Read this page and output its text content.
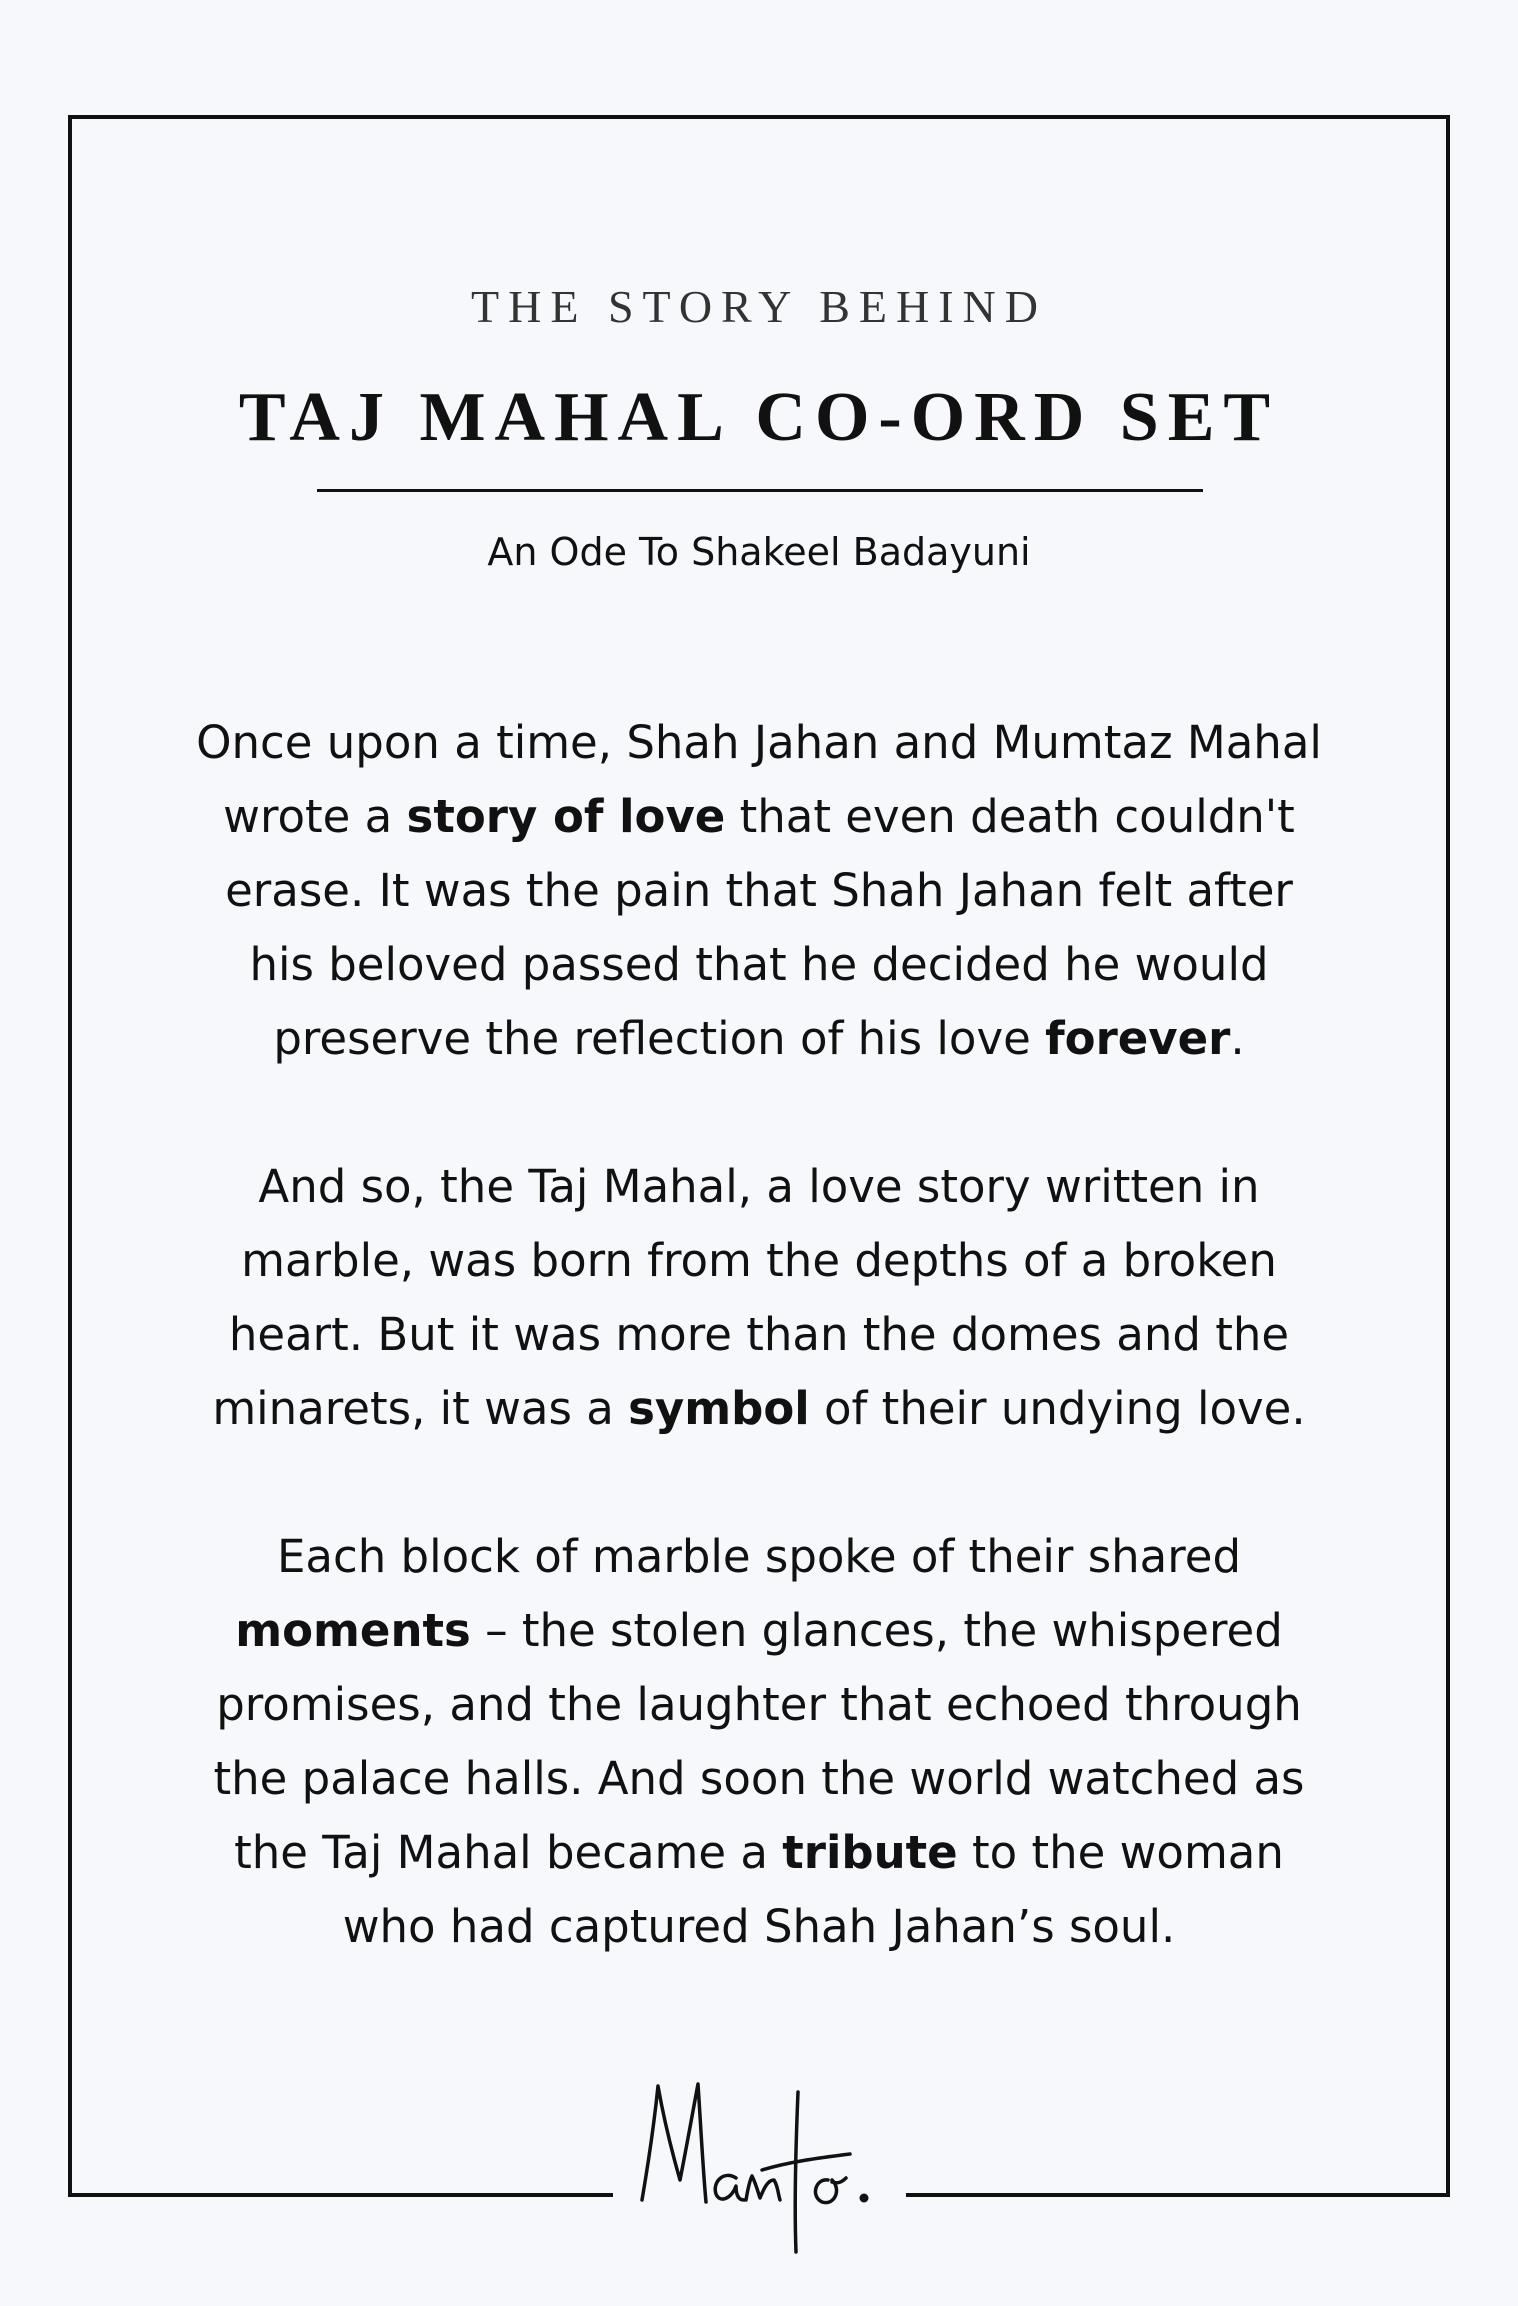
THE STORY BEHIND
TAJ MAHAL CO-ORD SET
An Ode To Shakeel Badayuni

Once upon a time, Shah Jahan and Mumtaz Mahal wrote a story of love that even death couldn't erase. It was the pain that Shah Jahan felt after his beloved passed that he decided he would preserve the reflection of his love forever.

And so, the Taj Mahal, a love story written in marble, was born from the depths of a broken heart. But it was more than the domes and the minarets, it was a symbol of their undying love.

Each block of marble spoke of their shared moments – the stolen glances, the whispered promises, and the laughter that echoed through the palace halls. And soon the world watched as the Taj Mahal became a tribute to the woman who had captured Shah Jahan’s soul.
